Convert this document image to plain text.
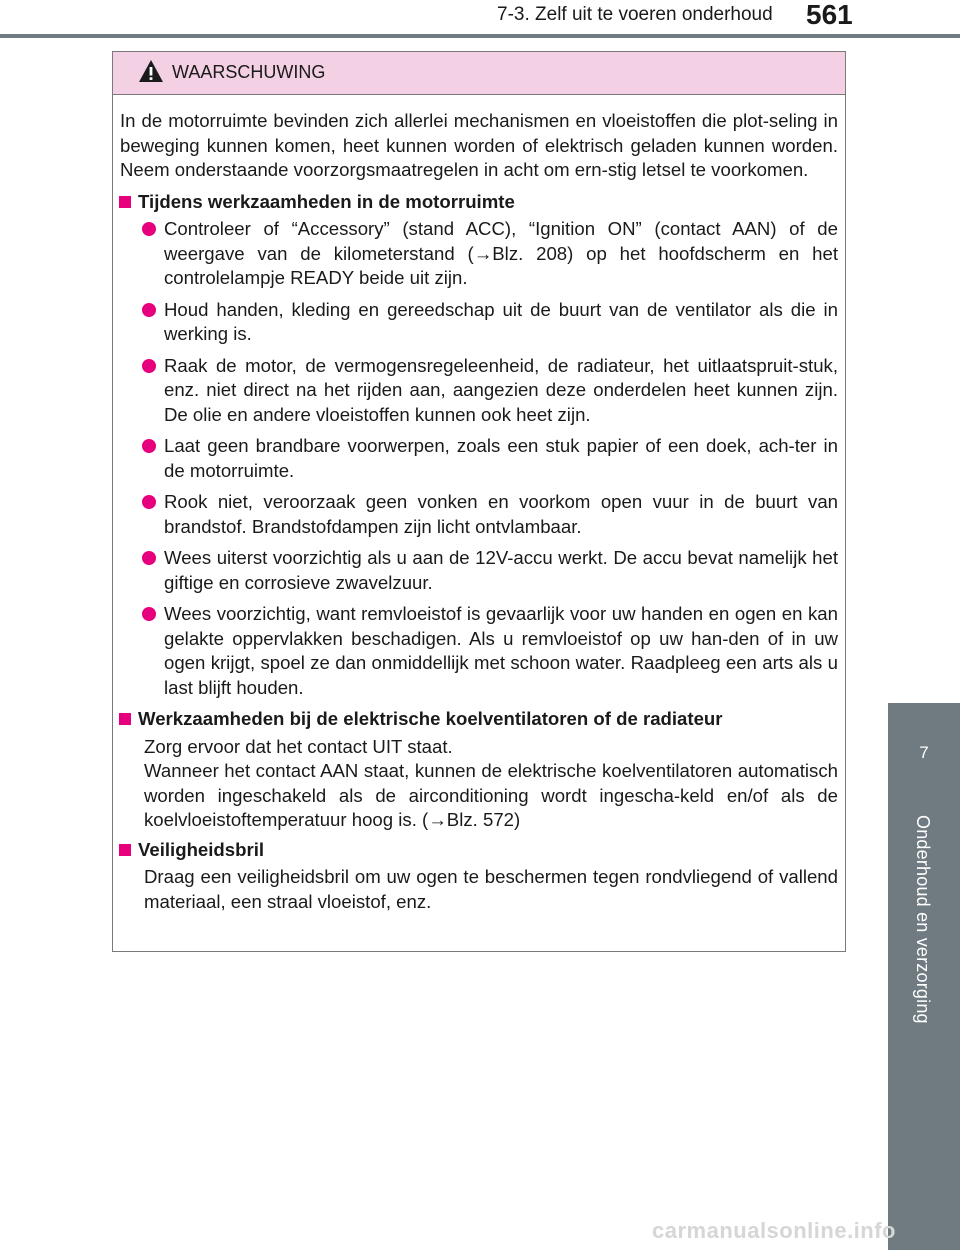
7-3. Zelf uit te voeren onderhoud 561
7
Onderhoud en verzorging
WAARSCHUWING

In de motorruimte bevinden zich allerlei mechanismen en vloeistoffen die plot-seling in beweging kunnen komen, heet kunnen worden of elektrisch geladen kunnen worden. Neem onderstaande voorzorgsmaatregelen in acht om ern-stig letsel te voorkomen.

Tijdens werkzaamheden in de motorruimte
Controleer of “Accessory” (stand ACC), “Ignition ON” (contact AAN) of de weergave van de kilometerstand (→Blz. 208) op het hoofdscherm en het controlelampje READY beide uit zijn.
Houd handen, kleding en gereedschap uit de buurt van de ventilator als die in werking is.
Raak de motor, de vermogensregeleenheid, de radiateur, het uitlaatspruit-stuk, enz. niet direct na het rijden aan, aangezien deze onderdelen heet kunnen zijn. De olie en andere vloeistoffen kunnen ook heet zijn.
Laat geen brandbare voorwerpen, zoals een stuk papier of een doek, ach-ter in de motorruimte.
Rook niet, veroorzaak geen vonken en voorkom open vuur in de buurt van brandstof. Brandstofdampen zijn licht ontvlambaar.
Wees uiterst voorzichtig als u aan de 12V-accu werkt. De accu bevat namelijk het giftige en corrosieve zwavelzuur.
Wees voorzichtig, want remvloeistof is gevaarlijk voor uw handen en ogen en kan gelakte oppervlakken beschadigen. Als u remvloeistof op uw han-den of in uw ogen krijgt, spoel ze dan onmiddellijk met schoon water. Raadpleeg een arts als u last blijft houden.
Werkzaamheden bij de elektrische koelventilatoren of de radiateur
Zorg ervoor dat het contact UIT staat.
Wanneer het contact AAN staat, kunnen de elektrische koelventilatoren automatisch worden ingeschakeld als de airconditioning wordt ingescha-keld en/of als de koelvloeistoftemperatuur hoog is. (→Blz. 572)
Veiligheidsbril
Draag een veiligheidsbril om uw ogen te beschermen tegen rondvliegend of vallend materiaal, een straal vloeistof, enz.
carmanualsonline.info
